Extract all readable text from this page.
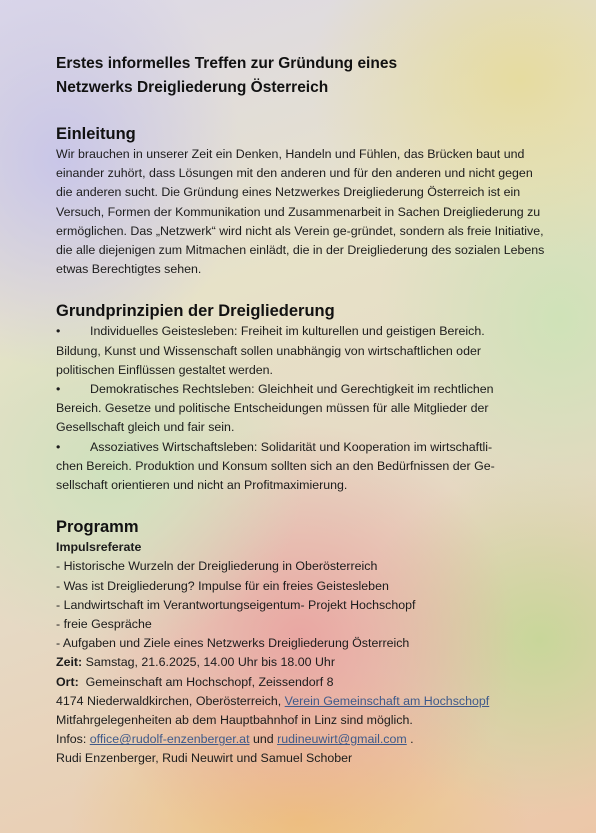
Erstes informelles Treffen zur Gründung eines
Netzwerks Dreigliederung Österreich
Einleitung

Wir brauchen in unserer Zeit ein Denken, Handeln und Fühlen, das Brücken baut und einander zuhört, dass Lösungen mit den anderen und für den anderen und nicht gegen die anderen sucht. Die Gründung eines Netzwerkes Dreigliederung Österreich ist ein Versuch, Formen der Kommunikation und Zusammenarbeit in Sachen Dreigliederung zu ermöglichen. Das „Netzwerk“ wird nicht als Verein ge-gründet, sondern als freie Initiative, die alle diejenigen zum Mitmachen einlädt, die in der Dreigliederung des sozialen Lebens etwas Berechtigtes sehen.

Grundprinzipien der Dreigliederung
• Individuelles Geistesleben: Freiheit im kulturellen und geistigen Bereich.
Bildung, Kunst und Wissenschaft sollen unabhängig von wirtschaftlichen oder
politischen Einflüssen gestaltet werden.
• Demokratisches Rechtsleben: Gleichheit und Gerechtigkeit im rechtlichen
Bereich. Gesetze und politische Entscheidungen müssen für alle Mitglieder der
Gesellschaft gleich und fair sein.
• Assoziatives Wirtschaftsleben: Solidarität und Kooperation im wirtschaftli-
chen Bereich. Produktion und Konsum sollten sich an den Bedürfnissen der Ge-
sellschaft orientieren und nicht an Profitmaximierung.
Programm
Impulsreferate
- Historische Wurzeln der Dreigliederung in Oberösterreich
- Was ist Dreigliederung? Impulse für ein freies Geistesleben
- Landwirtschaft im Verantwortungseigentum- Projekt Hochschopf
- freie Gespräche
- Aufgaben und Ziele eines Netzwerks Dreigliederung Österreich
Zeit: Samstag, 21.6.2025, 14.00 Uhr bis 18.00 Uhr
Ort:  Gemeinschaft am Hochschopf, Zeissendorf 8
4174 Niederwaldkirchen, Oberösterreich, Verein Gemeinschaft am Hochschopf
Mitfahrgelegenheiten ab dem Hauptbahnhof in Linz sind möglich.
Infos: office@rudolf-enzenberger.at und rudineuwirt@gmail.com .
Rudi Enzenberger, Rudi Neuwirt und Samuel Schober
